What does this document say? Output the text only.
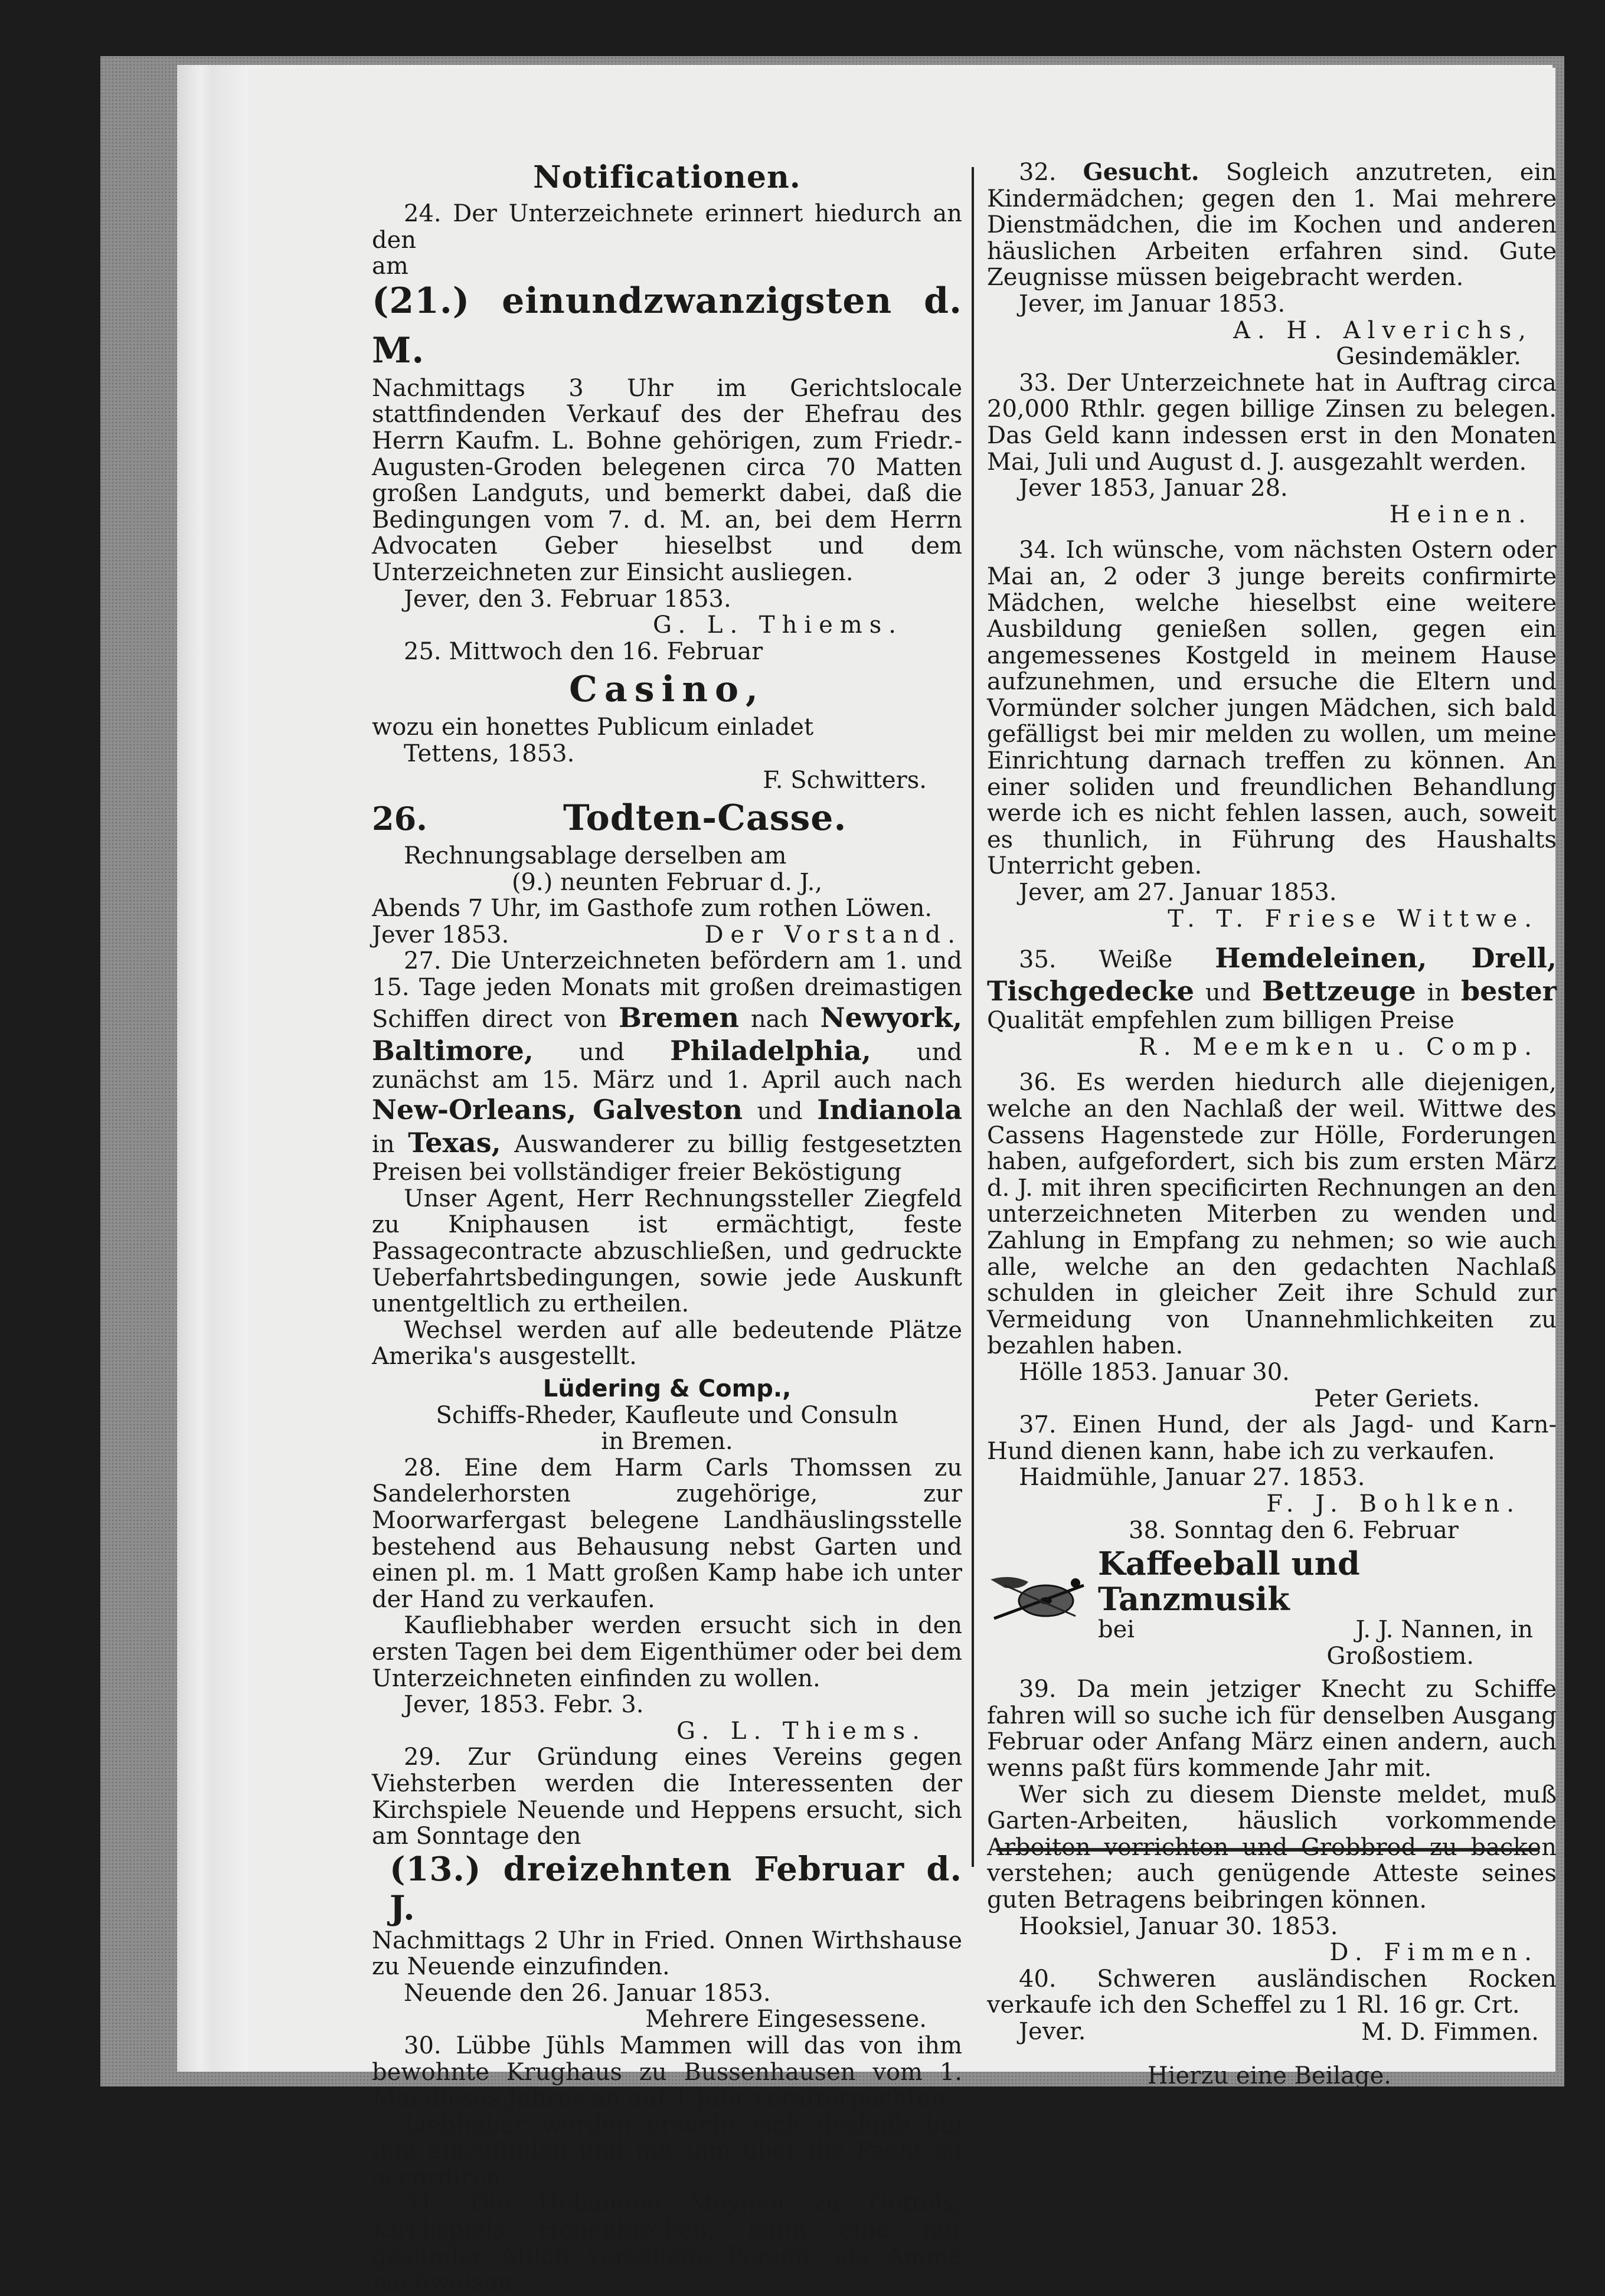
Notificationen.

24. Der Unterzeichnete erinnert hiedurch an den

am

(21.) einundzwanzigsten d. M.

Nachmittags 3 Uhr im Gerichtslocale stattfindenden Verkauf des der Ehefrau des Herrn Kaufm. L. Bohne gehörigen, zum Friedr.-Augusten-Groden belegenen circa 70 Matten großen Landguts, und bemerkt dabei, daß die Bedingungen vom 7. d. M. an, bei dem Herrn Advocaten Geber hieselbst und dem Unterzeichneten zur Einsicht ausliegen.

Jever, den 3. Februar 1853.

G. L. Thiems.

25. Mittwoch den 16. Februar

Casino,

wozu ein honettes Publicum einladet

Tettens, 1853.

F. Schwitters.

26.	Todten-Casse.

Rechnungsablage derselben am

(9.) neunten Februar d. J.,

Abends 7 Uhr, im Gasthofe zum rothen Löwen.

Jever 1853.	Der Vorstand.

27. Die Unterzeichneten befördern am 1. und 15. Tage jeden Monats mit großen dreimastigen Schiffen direct von Bremen nach Newyork, Baltimore, und Philadelphia, und zunächst am 15. März und 1. April auch nach New-Orleans, Galveston und Indianola in Texas, Auswanderer zu billig festgesetzten Preisen bei vollständiger freier Beköstigung

Unser Agent, Herr Rechnungssteller Ziegfeld zu Kniphausen ist ermächtigt, feste Passagecontracte abzuschließen, und gedruckte Ueberfahrtsbedingungen, sowie jede Auskunft unentgeltlich zu ertheilen.

Wechsel werden auf alle bedeutende Plätze Amerika's ausgestellt.

Lüdering & Comp.,

Schiffs-Rheder, Kaufleute und Consuln

in Bremen.

28. Eine dem Harm Carls Thomssen zu Sandelerhorsten zugehörige, zur Moorwarfergast belegene Landhäuslingsstelle bestehend aus Behausung nebst Garten und einen pl. m. 1 Matt großen Kamp habe ich unter der Hand zu verkaufen.

Kaufliebhaber werden ersucht sich in den ersten Tagen bei dem Eigenthümer oder bei dem Unterzeichneten einfinden zu wollen.

Jever, 1853. Febr. 3.

G. L. Thiems.

29. Zur Gründung eines Vereins gegen Viehsterben werden die Interessenten der Kirchspiele Neuende und Heppens ersucht, sich am Sonntage den

(13.) dreizehnten Februar d. J.

Nachmittags 2 Uhr in Fried. Onnen Wirthshause zu Neuende einzufinden.

Neuende den 26. Januar 1853.

Mehrere Eingesessene.

30. Lübbe Jühls Mammen will das von ihm bewohnte Krughaus zu Bussenhausen vom 1. Mai dieses Jahres an auf 1 Jahr verafterpachten.

Liebhaber werden ersucht sich deshalb bei ihm einzufinden und mit ihm über die Pacht zu accordiren.

31. Die Hebamme Meynen zu Gottels, Kirchspiels Hohenkirchen, kann eine mit gesunder Milch versehene Person, als Amme nachweisen.

32. Gesucht. Sogleich anzutreten, ein Kindermädchen; gegen den 1. Mai mehrere Dienstmädchen, die im Kochen und anderen häuslichen Arbeiten erfahren sind. Gute Zeugnisse müssen beigebracht werden.

Jever, im Januar 1853.

A. H. Alverichs,

Gesindemäkler.

33. Der Unterzeichnete hat in Auftrag circa 20,000 Rthlr. gegen billige Zinsen zu belegen. Das Geld kann indessen erst in den Monaten Mai, Juli und August d. J. ausgezahlt werden.

Jever 1853, Januar 28.

Heinen.

34. Ich wünsche, vom nächsten Ostern oder Mai an, 2 oder 3 junge bereits confirmirte Mädchen, welche hieselbst eine weitere Ausbildung genießen sollen, gegen ein angemessenes Kostgeld in meinem Hause aufzunehmen, und ersuche die Eltern und Vormünder solcher jungen Mädchen, sich bald gefälligst bei mir melden zu wollen, um meine Einrichtung darnach treffen zu können. An einer soliden und freundlichen Behandlung werde ich es nicht fehlen lassen, auch, soweit es thunlich, in Führung des Haushalts Unterricht geben.

Jever, am 27. Januar 1853.

T. T. Friese Wittwe.

35. Weiße Hemdeleinen, Drell, Tischgedecke und Bettzeuge in bester Qualität empfehlen zum billigen Preise

R. Meemken u. Comp.

36. Es werden hiedurch alle diejenigen, welche an den Nachlaß der weil. Wittwe des Cassens Hagenstede zur Hölle, Forderungen haben, aufgefordert, sich bis zum ersten März d. J. mit ihren specificirten Rechnungen an den unterzeichneten Miterben zu wenden und Zahlung in Empfang zu nehmen; so wie auch alle, welche an den gedachten Nachlaß schulden in gleicher Zeit ihre Schuld zur Vermeidung von Unannehmlichkeiten zu bezahlen haben.

Hölle 1853. Januar 30.

Peter Geriets.

37. Einen Hund, der als Jagd- und Karn-Hund dienen kann, habe ich zu verkaufen.

Haidmühle, Januar 27. 1853.

F. J. Bohlken.

38. Sonntag den 6. Februar

Kaffeeball und Tanzmusik
bei	J. J. Nannen, in

Großostiem.

39. Da mein jetziger Knecht zu Schiffe fahren will so suche ich für denselben Ausgang Februar oder Anfang März einen andern, auch wenns paßt fürs kommende Jahr mit.

Wer sich zu diesem Dienste meldet, muß Garten-Arbeiten, häuslich vorkommende Arbeiten verrichten und Grobbrod zu backen verstehen; auch genügende Atteste seines guten Betragens beibringen können.

Hooksiel, Januar 30. 1853.

D. Fimmen.

40. Schweren ausländischen Rocken verkaufe ich den Scheffel zu 1 Rl. 16 gr. Crt.

Jever.	M. D. Fimmen.

Hierzu eine Beilage.
